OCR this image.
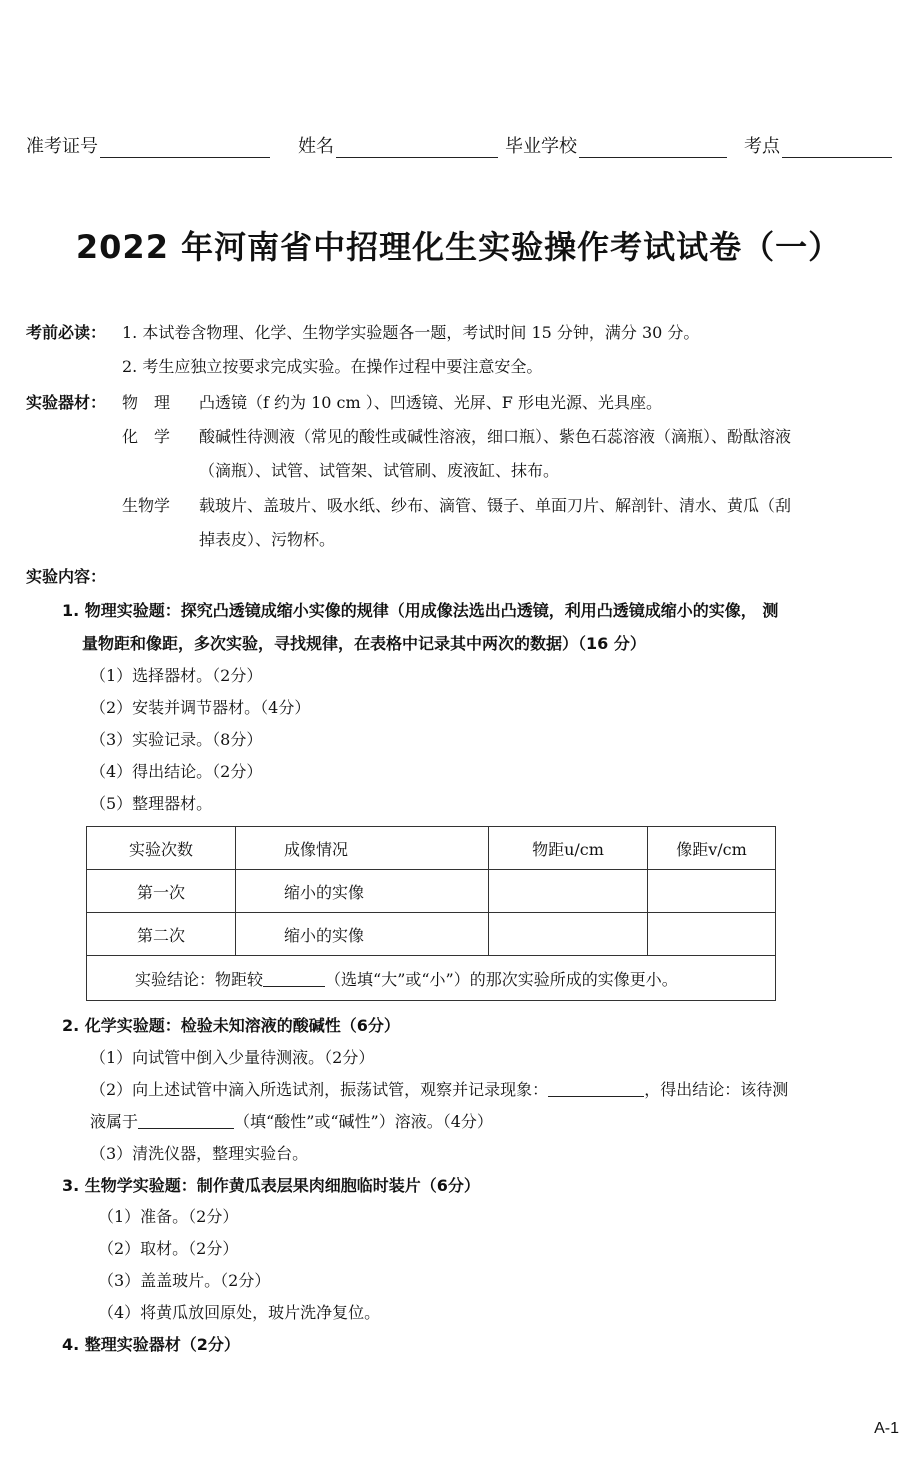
准考证号	姓名	毕业学校	考点
2022 年河南省中招理化生实验操作考试试卷（一）
考前必读： 1. 本试卷含物理、化学、生物学实验题各一题，考试时间 15 分钟，满分 30 分。
2. 考生应独立按要求完成实验。在操作过程中要注意安全。
实验器材： 物　理 凸透镜（f 约为 10 cm ）、凹透镜、光屏、F 形电光源、光具座。
化　学 酸碱性待测液（常见的酸性或碱性溶液，细口瓶）、紫色石蕊溶液（滴瓶）、酚酞溶液
（滴瓶）、试管、试管架、试管刷、废液缸、抹布。
生物学 载玻片、盖玻片、吸水纸、纱布、滴管、镊子、单面刀片、解剖针、清水、黄瓜（刮
掉表皮）、污物杯。
实验内容：
1. 物理实验题：探究凸透镜成缩小实像的规律（用成像法选出凸透镜，利用凸透镜成缩小的实像， 测
量物距和像距，多次实验，寻找规律，在表格中记录其中两次的数据）（16 分）
（1）选择器材。（2分）
（2）安装并调节器材。（4分）
（3）实验记录。（8分）
（4）得出结论。（2分）
（5）整理器材。
实验次数	成像情况	物距u/cm	像距v/cm
第一次	缩小的实像		
第二次	缩小的实像		
实验结论：物距较 （选填“大”或“小”）的那次实验所成的实像更小。			
2. 化学实验题：检验未知溶液的酸碱性（6分）
（1）向试管中倒入少量待测液。（2分）
（2）向上述试管中滴入所选试剂，振荡试管，观察并记录现象：	，得出结论：该待测
液属于	（填“酸性”或“碱性”）溶液。（4分）
（3）清洗仪器，整理实验台。
3. 生物学实验题：制作黄瓜表层果肉细胞临时装片（6分）
（1）准备。（2分）
（2）取材。（2分）
（3）盖盖玻片。（2分）
（4）将黄瓜放回原处，玻片洗净复位。
4. 整理实验器材（2分）
A-1
